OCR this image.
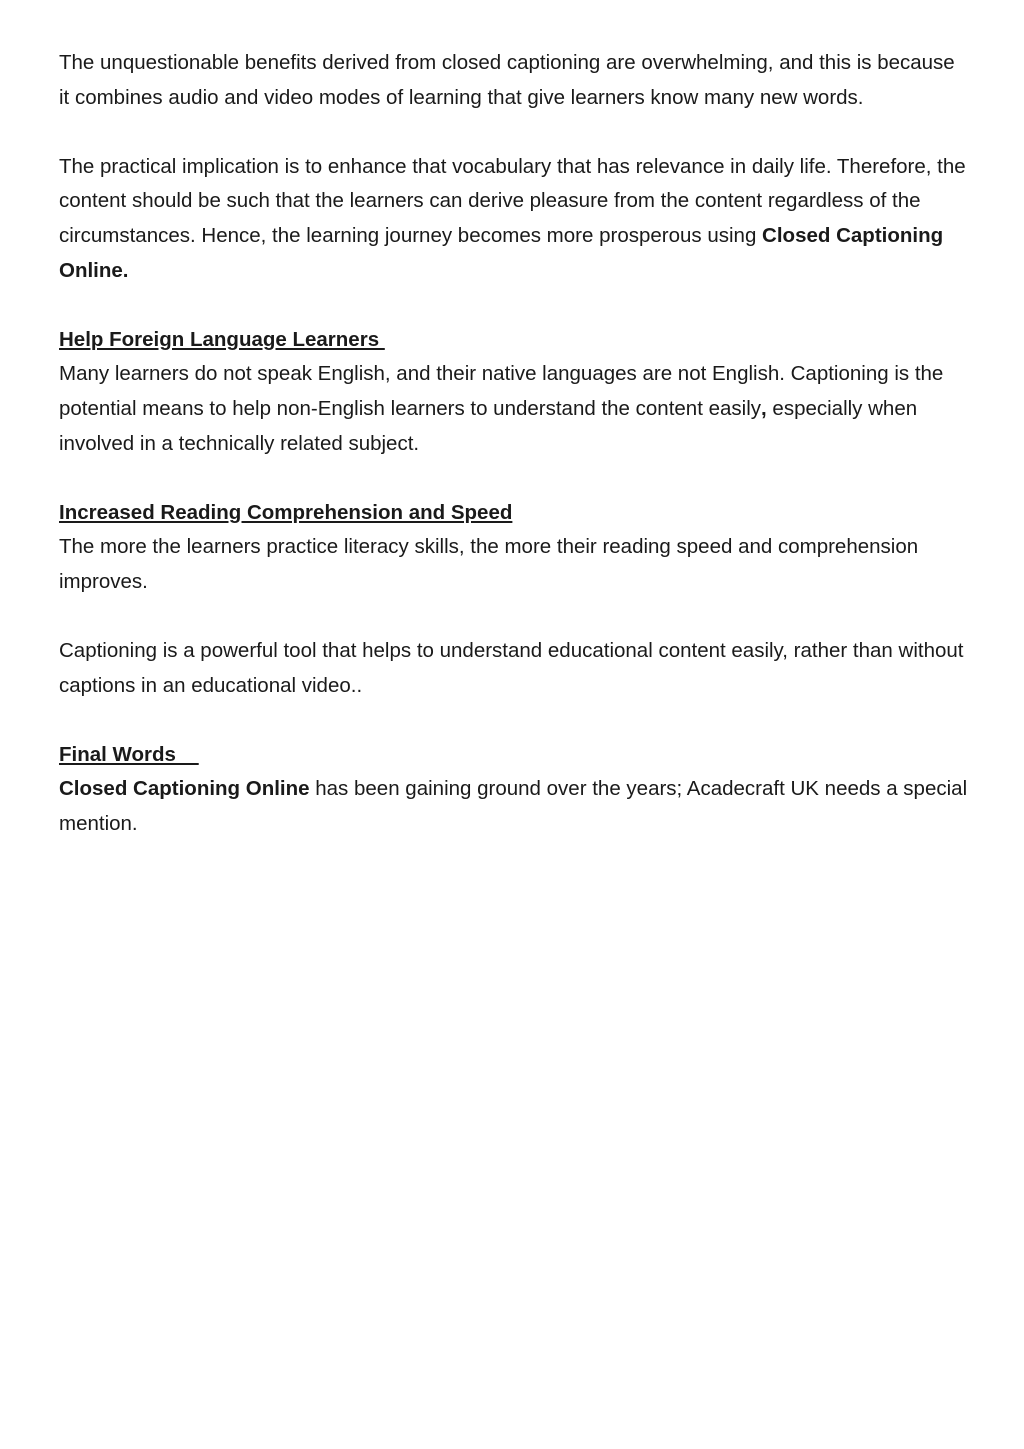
The unquestionable benefits derived from closed captioning are overwhelming, and this is because it combines audio and video modes of learning that give learners know many new words.

The practical implication is to enhance that vocabulary that has relevance in daily life. Therefore, the content should be such that the learners can derive pleasure from the content regardless of the circumstances. Hence, the learning journey becomes more prosperous using Closed Captioning Online.

Help Foreign Language Learners

Many learners do not speak English, and their native languages are not English. Captioning is the potential means to help non-English learners to understand the content easily, especially when involved in a technically related subject.

Increased Reading Comprehension and Speed

The more the learners practice literacy skills, the more their reading speed and comprehension improves.

Captioning is a powerful tool that helps to understand educational content easily, rather than without captions in an educational video..

Final Words

Closed Captioning Online has been gaining ground over the years; Acadecraft UK needs a special mention.
